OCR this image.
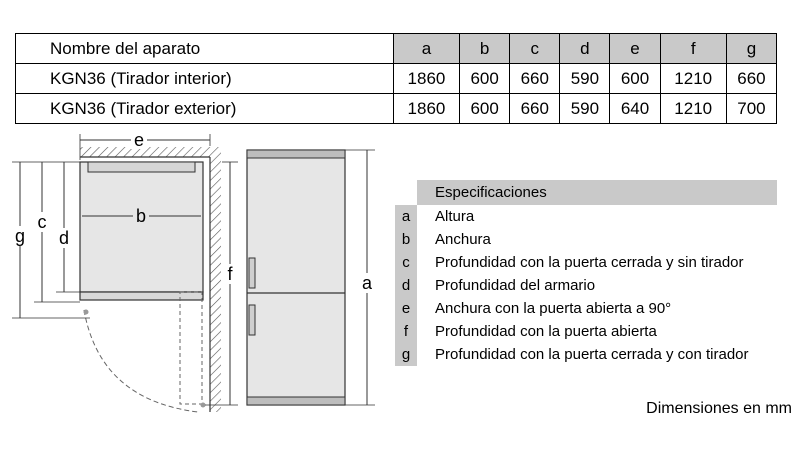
Nombre del aparato	a	b	c	d	e	f	g
KGN36 (Tirador interior)	1860	600	660	590	600	1210	660
KGN36 (Tirador exterior)	1860	600	660	590	640	1210	700
e
b
g
c
d
f	a
Especificaciones
a	Altura
b	Anchura
c	Profundidad con la puerta cerrada y sin tirador
d	Profundidad del armario
e	Anchura con la puerta abierta a 90°
f	Profundidad con la puerta abierta
g	Profundidad con la puerta cerrada y con tirador
Dimensiones en mm
